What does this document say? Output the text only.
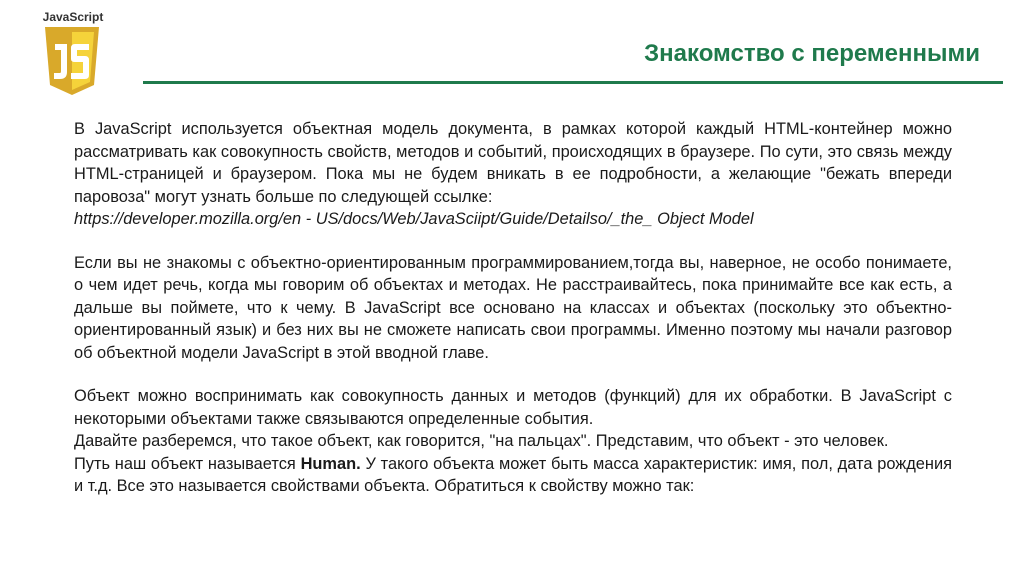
JavaScript
Знакомство с переменными

В JavaScript используется объектная модель документа, в рамках которой каждый HTML-контейнер можно рассматривать как совокупность свойств, методов и событий, происходящих в браузере. По сути, это связь между HTML-страницей и браузером. Пока мы не будем вникать в ее подробности, а желающие "бежать впереди паровоза" могут узнать больше по следующей ссылке:
https://developer.mozilla.org/en - US/docs/Web/JavaSciipt/Guide/Detailso/_the_ Object Model

Если вы не знакомы с объектно-ориентированным программированием,тогда вы, наверное, не особо понимаете, о чем идет речь, когда мы говорим об объектах и методах. Не расстраивайтесь, пока принимайте все как есть, а дальше вы поймете, что к чему. В JavaScript все основано на классах и объектах (поскольку это объектно-ориентированный язык) и без них вы не сможете написать свои программы. Именно поэтому мы начали разговор об объектной модели JavaScript в этой вводной главе.

Объект можно воспринимать как совокупность данных и методов (функций) для их обработки. В JavaScript с некоторыми объектами также связываются определенные события.

Давайте разберемся, что такое объект, как говорится, "на пальцах". Представим, что объект - это человек.

Путь наш объект называется Human. У такого объекта может быть масса характеристик: имя, пол, дата рождения и т.д. Все это называется свойствами объекта. Обратиться к свойству можно так:
